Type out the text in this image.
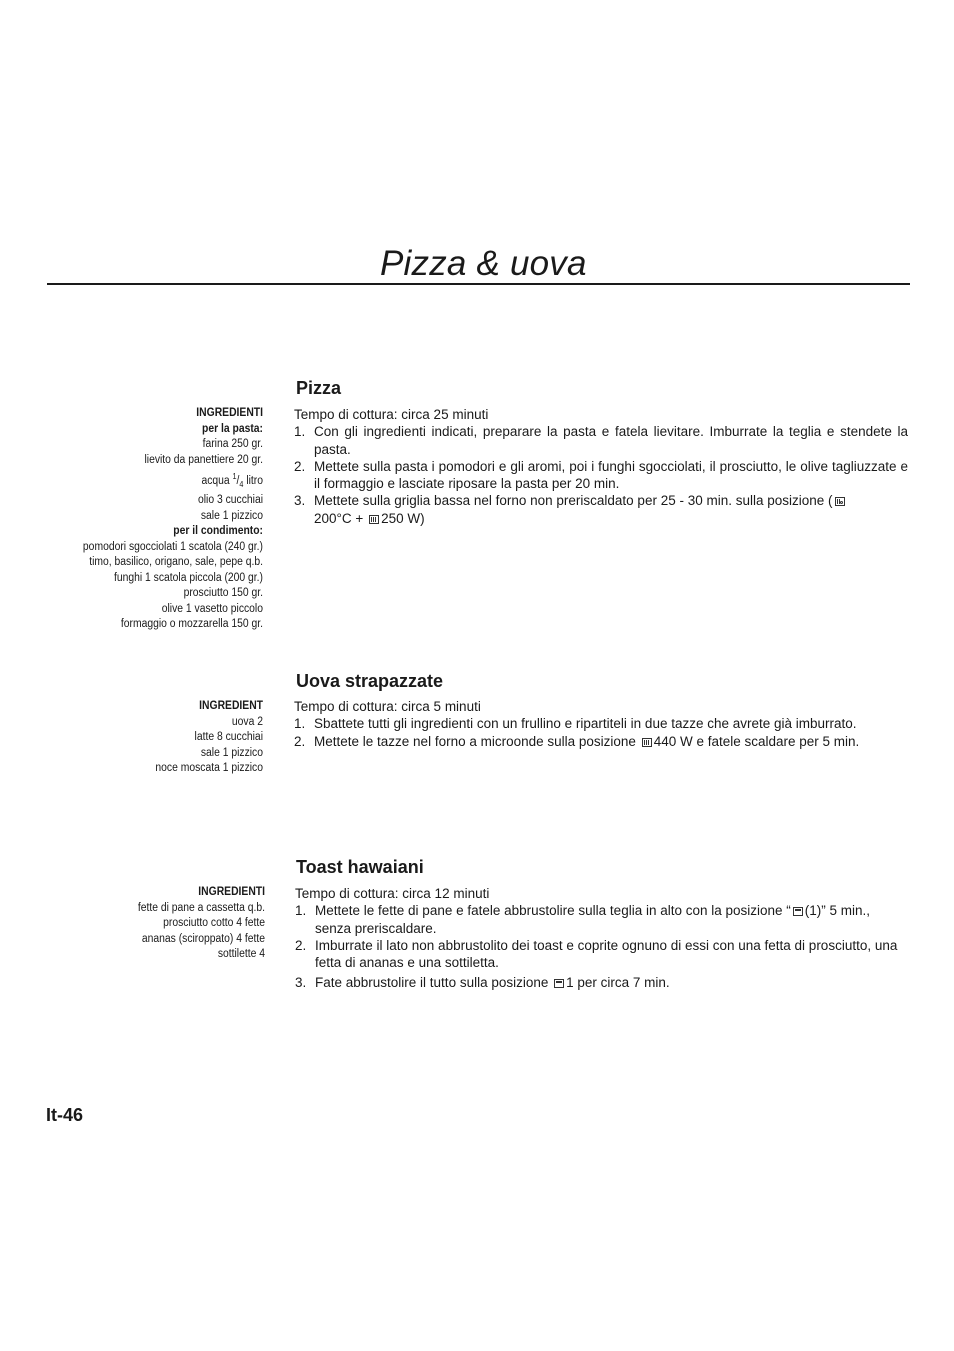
Pizza & uova
Pizza
INGREDIENTI
per la pasta:
farina 250 gr.
lievito da panettiere 20 gr.
acqua $^1/_4$ litro
olio 3 cucchiai
sale 1 pizzico
per il condimento:
pomodori sgocciolati 1 scatola (240 gr.)
timo, basilico, origano, sale, pepe q.b.
funghi 1 scatola piccola (200 gr.)
prosciutto 150 gr.
olive 1 vasetto piccolo
formaggio o mozzarella 150 gr.
Tempo di cottura: circa 25 minuti
1. Con gli ingredienti indicati, preparare la pasta e fatela lievitare. Imburrate la teglia e stendete la pasta.
2. Mettete sulla pasta i pomodori e gli aromi, poi i funghi sgocciolati, il prosciutto, le olive tagliuzzate e il formaggio e lasciate riposare la pasta per 20 min.
3. Mettete sulla griglia bassa nel forno non preriscaldato per 25 - 30 min. sulla posizione (
200°C + 250 W)
Uova strapazzate
INGREDIENT
uova 2
latte 8 cucchiai
sale 1 pizzico
noce moscata 1 pizzico
Tempo di cottura: circa 5 minuti
1. Sbattete tutti gli ingredienti con un frullino e ripartiteli in due tazze che avrete già imburrato.
2. Mettete le tazze nel forno a microonde sulla posizione 440 W e fatele scaldare per 5 min.
Toast hawaiani
INGREDIENTI
fette di pane a cassetta q.b.
prosciutto cotto 4 fette
ananas (sciroppato) 4 fette
sottilette 4
Tempo di cottura: circa 12 minuti
1. Mettete le fette di pane e fatele abbrustolire sulla teglia in alto con la posizione “ (1)” 5 min., senza preriscaldare.
2. Imburrate il lato non abbrustolito dei toast e coprite ognuno di essi con una fetta di prosciutto, una fetta di ananas e una sottiletta.
3. Fate abbrustolire il tutto sulla posizione 1 per circa 7 min.
It-46
